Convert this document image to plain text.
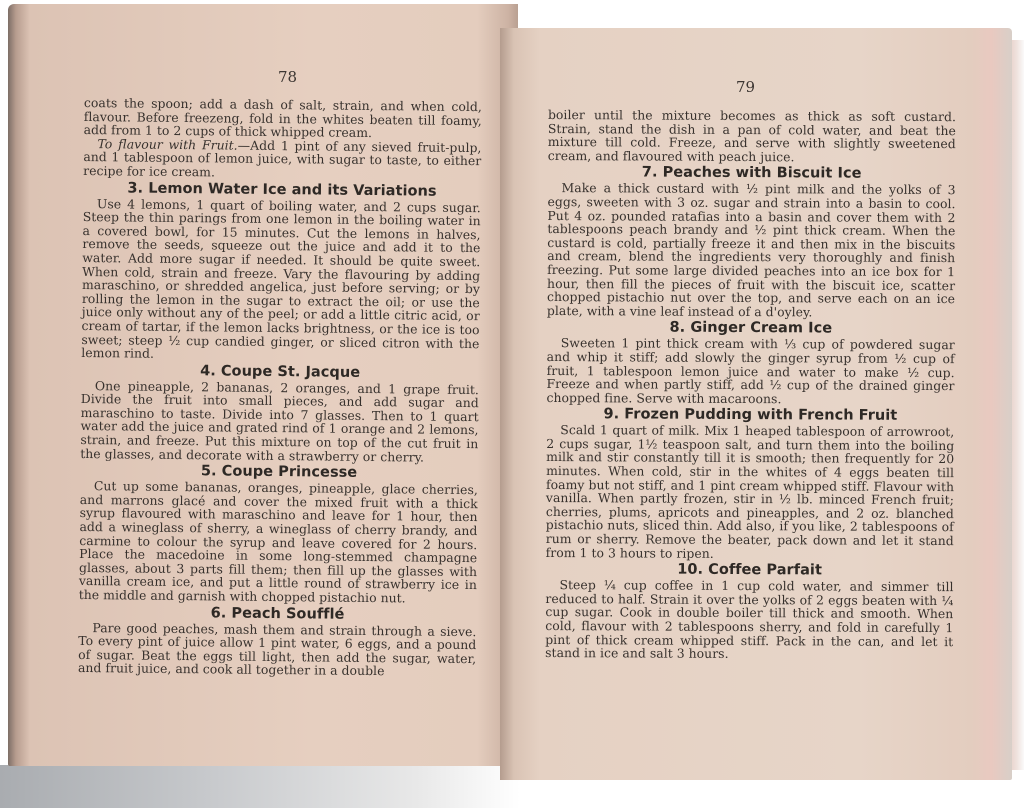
78

coats the spoon; add a dash of salt, strain, and when cold, flavour. Before freezeng, fold in the whites beaten till foamy, add from 1 to 2 cups of thick whipped cream.

To flavour with Fruit.—Add 1 pint of any sieved fruit-pulp, and 1 tablespoon of lemon juice, with sugar to taste, to either recipe for ice cream.

3. Lemon Water Ice and its Variations

Use 4 lemons, 1 quart of boiling water, and 2 cups sugar. Steep the thin parings from one lemon in the boiling water in a covered bowl, for 15 minutes. Cut the lemons in halves, remove the seeds, squeeze out the juice and add it to the water. Add more sugar if needed. It should be quite sweet. When cold, strain and freeze. Vary the flavouring by adding maraschino, or shredded angelica, just before serving; or by rolling the lemon in the sugar to extract the oil; or use the juice only without any of the peel; or add a little citric acid, or cream of tartar, if the lemon lacks brightness, or the ice is too sweet; steep ½ cup candied ginger, or sliced citron with the lemon rind.

4. Coupe St. Jacque

One pineapple, 2 bananas, 2 oranges, and 1 grape fruit. Divide the fruit into small pieces, and add sugar and maraschino to taste. Divide into 7 glasses. Then to 1 quart water add the juice and grated rind of 1 orange and 2 lemons, strain, and freeze. Put this mixture on top of the cut fruit in the glasses, and decorate with a strawberry or cherry.

5. Coupe Princesse

Cut up some bananas, oranges, pineapple, glace cherries, and marrons glacé and cover the mixed fruit with a thick syrup flavoured with maraschino and leave for 1 hour, then add a wineglass of sherry, a wineglass of cherry brandy, and carmine to colour the syrup and leave covered for 2 hours. Place the macedoine in some long-stemmed champagne glasses, about 3 parts fill them; then fill up the glasses with vanilla cream ice, and put a little round of strawberry ice in the middle and garnish with chopped pistachio nut.

6. Peach Soufflé

Pare good peaches, mash them and strain through a sieve. To every pint of juice allow 1 pint water, 6 eggs, and a pound of sugar. Beat the eggs till light, then add the sugar, water, and fruit juice, and cook all together in a double

79

boiler until the mixture becomes as thick as soft custard. Strain, stand the dish in a pan of cold water, and beat the mixture till cold. Freeze, and serve with slightly sweetened cream, and flavoured with peach juice.

7. Peaches with Biscuit Ice

Make a thick custard with ½ pint milk and the yolks of 3 eggs, sweeten with 3 oz. sugar and strain into a basin to cool. Put 4 oz. pounded ratafias into a basin and cover them with 2 tablespoons peach brandy and ½ pint thick cream. When the custard is cold, partially freeze it and then mix in the biscuits and cream, blend the ingredients very thoroughly and finish freezing. Put some large divided peaches into an ice box for 1 hour, then fill the pieces of fruit with the biscuit ice, scatter chopped pistachio nut over the top, and serve each on an ice plate, with a vine leaf instead of a d'oyley.

8. Ginger Cream Ice

Sweeten 1 pint thick cream with ⅓ cup of powdered sugar and whip it stiff; add slowly the ginger syrup from ½ cup of fruit, 1 tablespoon lemon juice and water to make ½ cup. Freeze and when partly stiff, add ½ cup of the drained ginger chopped fine. Serve with macaroons.

9. Frozen Pudding with French Fruit

Scald 1 quart of milk. Mix 1 heaped tablespoon of arrowroot, 2 cups sugar, 1½ teaspoon salt, and turn them into the boiling milk and stir constantly till it is smooth; then frequently for 20 minutes. When cold, stir in the whites of 4 eggs beaten till foamy but not stiff, and 1 pint cream whipped stiff. Flavour with vanilla. When partly frozen, stir in ½ lb. minced French fruit; cherries, plums, apricots and pineapples, and 2 oz. blanched pistachio nuts, sliced thin. Add also, if you like, 2 tablespoons of rum or sherry. Remove the beater, pack down and let it stand from 1 to 3 hours to ripen.

10. Coffee Parfait

Steep ¼ cup coffee in 1 cup cold water, and simmer till reduced to half. Strain it over the yolks of 2 eggs beaten with ¼ cup sugar. Cook in double boiler till thick and smooth. When cold, flavour with 2 tablespoons sherry, and fold in carefully 1 pint of thick cream whipped stiff. Pack in the can, and let it stand in ice and salt 3 hours.
